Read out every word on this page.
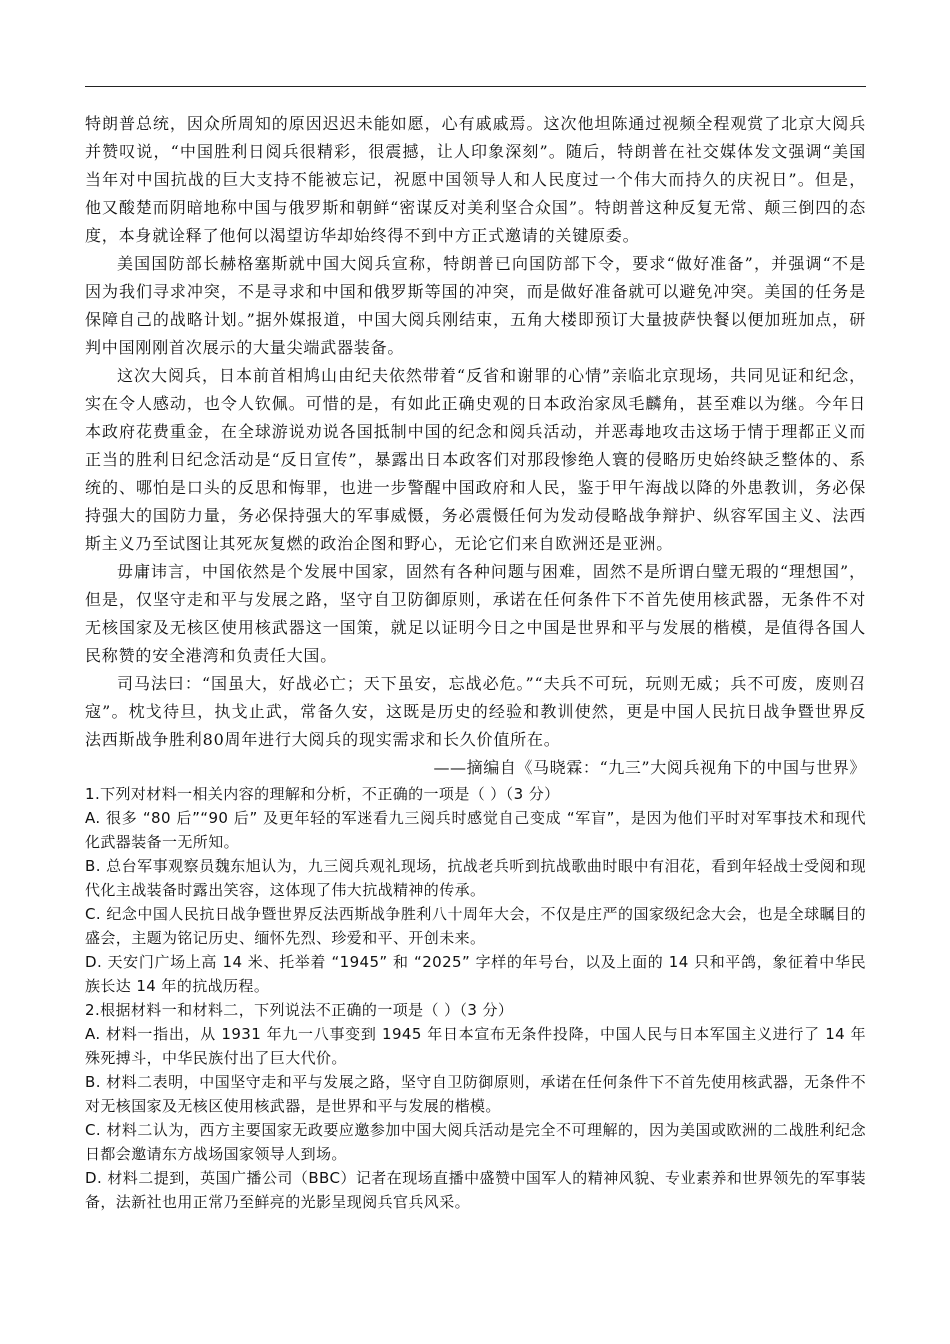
特朗普总统，因众所周知的原因迟迟未能如愿，心有戚戚焉。这次他坦陈通过视频全程观赏了北京大阅兵并赞叹说，“中国胜利日阅兵很精彩，很震撼，让人印象深刻”。随后，特朗普在社交媒体发文强调“美国当年对中国抗战的巨大支持不能被忘记，祝愿中国领导人和人民度过一个伟大而持久的庆祝日”。但是，他又酸楚而阴暗地称中国与俄罗斯和朝鲜“密谋反对美利坚合众国”。特朗普这种反复无常、颠三倒四的态度，本身就诠释了他何以渴望访华却始终得不到中方正式邀请的关键原委。

美国国防部长赫格塞斯就中国大阅兵宣称，特朗普已向国防部下令，要求“做好准备”，并强调“不是因为我们寻求冲突，不是寻求和中国和俄罗斯等国的冲突，而是做好准备就可以避免冲突。美国的任务是保障自己的战略计划。”据外媒报道，中国大阅兵刚结束，五角大楼即预订大量披萨快餐以便加班加点，研判中国刚刚首次展示的大量尖端武器装备。

这次大阅兵，日本前首相鸠山由纪夫依然带着“反省和谢罪的心情”亲临北京现场，共同见证和纪念，实在令人感动，也令人钦佩。可惜的是，有如此正确史观的日本政治家凤毛麟角，甚至难以为继。今年日本政府花费重金，在全球游说劝说各国抵制中国的纪念和阅兵活动，并恶毒地攻击这场于情于理都正义而正当的胜利日纪念活动是“反日宣传”，暴露出日本政客们对那段惨绝人寰的侵略历史始终缺乏整体的、系统的、哪怕是口头的反思和悔罪，也进一步警醒中国政府和人民，鉴于甲午海战以降的外患教训，务必保持强大的国防力量，务必保持强大的军事威慑，务必震慑任何为发动侵略战争辩护、纵容军国主义、法西斯主义乃至试图让其死灰复燃的政治企图和野心，无论它们来自欧洲还是亚洲。

毋庸讳言，中国依然是个发展中国家，固然有各种问题与困难，固然不是所谓白璧无瑕的“理想国”，但是，仅坚守走和平与发展之路，坚守自卫防御原则，承诺在任何条件下不首先使用核武器，无条件不对无核国家及无核区使用核武器这一国策，就足以证明今日之中国是世界和平与发展的楷模，是值得各国人民称赞的安全港湾和负责任大国。

司马法曰：“国虽大，好战必亡；天下虽安，忘战必危。”“夫兵不可玩，玩则无威；兵不可废，废则召寇”。枕戈待旦，执戈止武，常备久安，这既是历史的经验和教训使然，更是中国人民抗日战争暨世界反法西斯战争胜利80周年进行大阅兵的现实需求和长久价值所在。

——摘编自《马晓霖：“九三”大阅兵视角下的中国与世界》

1.下列对材料一相关内容的理解和分析，不正确的一项是（ ）（3 分）

A. 很多 “80 后”“90 后” 及更年轻的军迷看九三阅兵时感觉自己变成 “军盲”，是因为他们平时对军事技术和现代化武器装备一无所知。

B. 总台军事观察员魏东旭认为，九三阅兵观礼现场，抗战老兵听到抗战歌曲时眼中有泪花，看到年轻战士受阅和现代化主战装备时露出笑容，这体现了伟大抗战精神的传承。

C. 纪念中国人民抗日战争暨世界反法西斯战争胜利八十周年大会，不仅是庄严的国家级纪念大会，也是全球瞩目的盛会，主题为铭记历史、缅怀先烈、珍爱和平、开创未来。

D. 天安门广场上高 14 米、托举着 “1945” 和 “2025” 字样的年号台，以及上面的 14 只和平鸽，象征着中华民族长达 14 年的抗战历程。

2.根据材料一和材料二，下列说法不正确的一项是（ ）（3 分）

A. 材料一指出，从 1931 年九一八事变到 1945 年日本宣布无条件投降，中国人民与日本军国主义进行了 14 年殊死搏斗，中华民族付出了巨大代价。

B. 材料二表明，中国坚守走和平与发展之路，坚守自卫防御原则，承诺在任何条件下不首先使用核武器，无条件不对无核国家及无核区使用核武器，是世界和平与发展的楷模。

C. 材料二认为，西方主要国家无政要应邀参加中国大阅兵活动是完全不可理解的，因为美国或欧洲的二战胜利纪念日都会邀请东方战场国家领导人到场。

D. 材料二提到，英国广播公司（BBC）记者在现场直播中盛赞中国军人的精神风貌、专业素养和世界领先的军事装备，法新社也用正常乃至鲜亮的光影呈现阅兵官兵风采。
